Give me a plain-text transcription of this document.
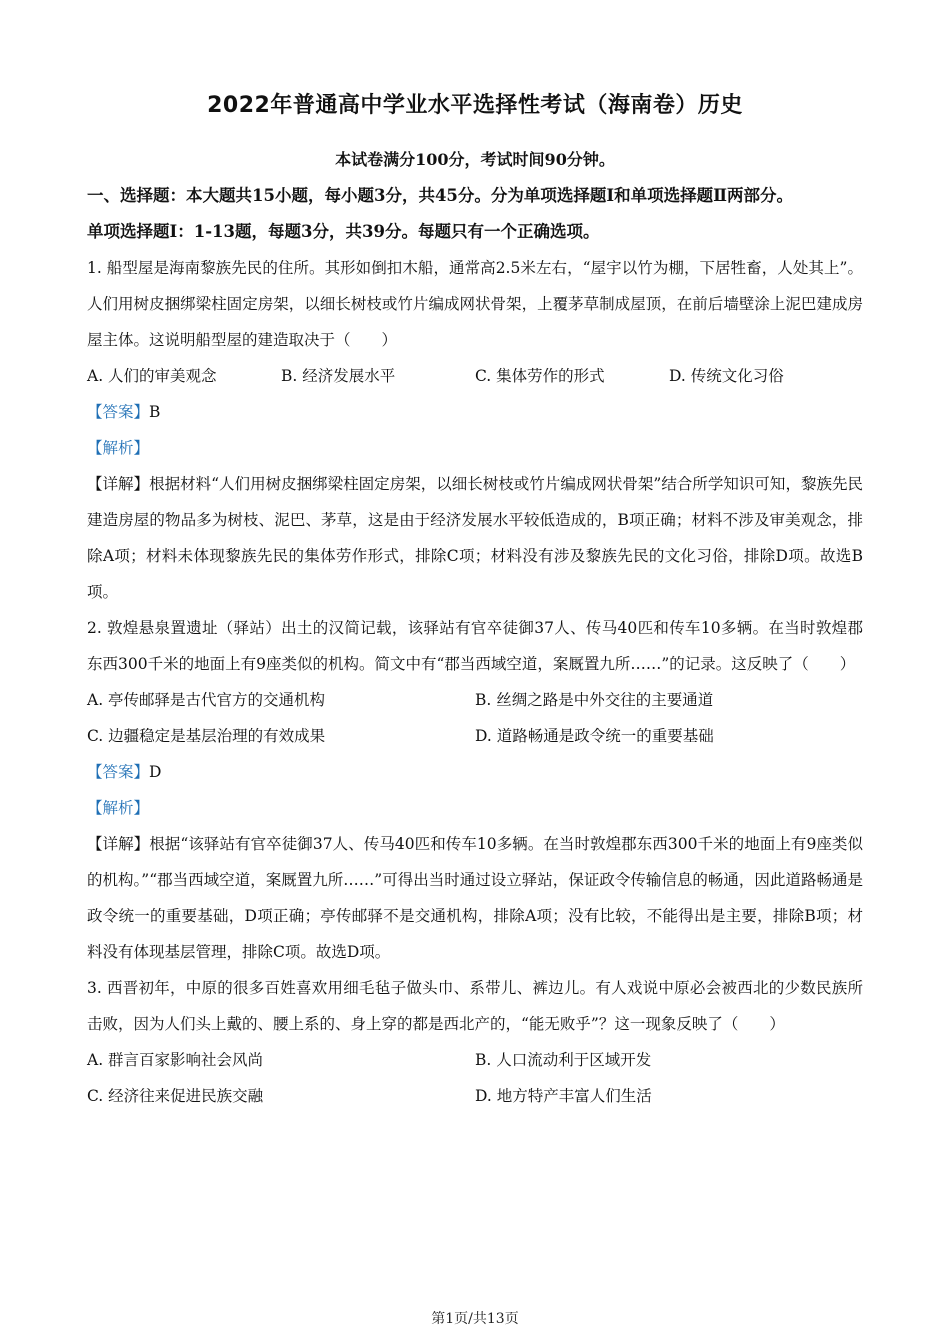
2022年普通高中学业水平选择性考试（海南卷）历史
本试卷满分100分，考试时间90分钟。

一、选择题：本大题共15小题，每小题3分，共45分。分为单项选择题Ⅰ和单项选择题Ⅱ两部分。

单项选择题Ⅰ：1-13题，每题3分，共39分。每题只有一个正确选项。

1. 船型屋是海南黎族先民的住所。其形如倒扣木船，通常高2.5米左右，“屋宇以竹为棚，下居牲畜，人处其上”。人们用树皮捆绑梁柱固定房架，以细长树枝或竹片编成网状骨架，上覆茅草制成屋顶，在前后墙壁涂上泥巴建成房屋主体。这说明船型屋的建造取决于（　　）

A. 人们的审美观念	B. 经济发展水平	C. 集体劳作的形式	D. 传统文化习俗

【答案】B

【解析】

【详解】根据材料“人们用树皮捆绑梁柱固定房架，以细长树枝或竹片编成网状骨架”结合所学知识可知，黎族先民建造房屋的物品多为树枝、泥巴、茅草，这是由于经济发展水平较低造成的，B项正确；材料不涉及审美观念，排除A项；材料未体现黎族先民的集体劳作形式，排除C项；材料没有涉及黎族先民的文化习俗，排除D项。故选B项。

2. 敦煌悬泉置遗址（驿站）出土的汉简记载，该驿站有官卒徒御37人、传马40匹和传车10多辆。在当时敦煌郡东西300千米的地面上有9座类似的机构。简文中有“郡当西域空道，案厩置九所……”的记录。这反映了（　　）

A. 亭传邮驿是古代官方的交通机构	B. 丝绸之路是中外交往的主要通道
C. 边疆稳定是基层治理的有效成果	D. 道路畅通是政令统一的重要基础

【答案】D

【解析】

【详解】根据“该驿站有官卒徒御37人、传马40匹和传车10多辆。在当时敦煌郡东西300千米的地面上有9座类似的机构。”“郡当西域空道，案厩置九所……”可得出当时通过设立驿站，保证政令传输信息的畅通，因此道路畅通是政令统一的重要基础，D项正确；亭传邮驿不是交通机构，排除A项；没有比较，不能得出是主要，排除B项；材料没有体现基层管理，排除C项。故选D项。

3. 西晋初年，中原的很多百姓喜欢用细毛毡子做头巾、系带儿、裤边儿。有人戏说中原必会被西北的少数民族所击败，因为人们头上戴的、腰上系的、身上穿的都是西北产的，“能无败乎”？这一现象反映了（　　）

A. 群言百家影响社会风尚	B. 人口流动利于区域开发
C. 经济往来促进民族交融	D. 地方特产丰富人们生活
第1页/共13页
